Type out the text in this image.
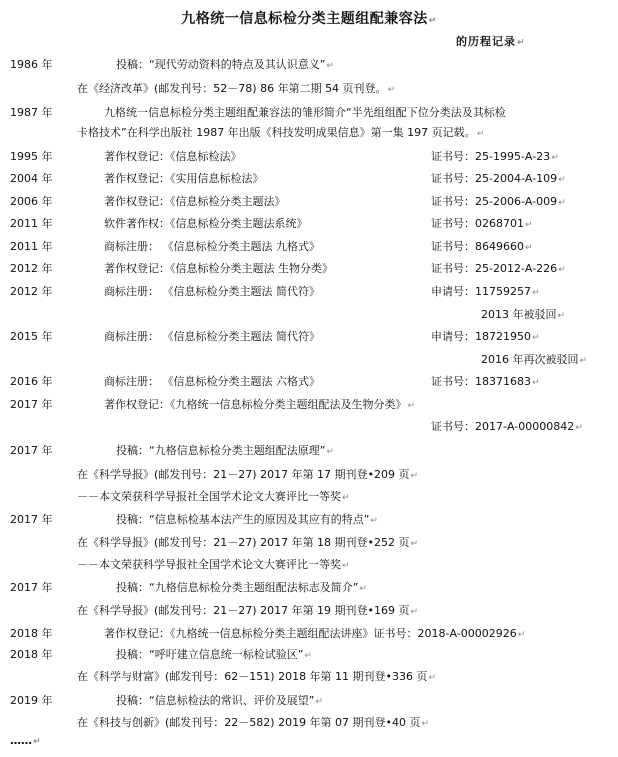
九格统一信息标检分类主题组配兼容法↵
的历程记录↵
1986 年	投稿：“现代劳动资料的特点及其认识意义”↵
在《经济改革》(邮发刊号：52－78) 86 年第二期 54 页刊登。↵
1987 年	九格统一信息标检分类主题组配兼容法的雏形简介“半先组组配下位分类法及其标检
卡格技术”在科学出版社 1987 年出版《科技发明成果信息》第一集 197 页记载。↵
1995 年	著作权登记：《信息标检法》	证书号：25-1995-A-23↵
2004 年	著作权登记：《实用信息标检法》	证书号：25-2004-A-109↵
2006 年	著作权登记：《信息标检分类主题法》	证书号：25-2006-A-009↵
2011 年	软件著作权：《信息标检分类主题法系统》	证书号：0268701↵
2011 年	商标注册： 《信息标检分类主题法 九格式》	证书号：8649660↵
2012 年	著作权登记：《信息标检分类主题法 生物分类》	证书号：25-2012-A-226↵
2012 年	商标注册： 《信息标检分类主题法 简代符》	申请号：11759257↵
2013 年被驳回↵
2015 年	商标注册： 《信息标检分类主题法 简代符》	申请号：18721950↵
2016 年再次被驳回↵
2016 年	商标注册： 《信息标检分类主题法 六格式》	证书号：18371683↵
2017 年	著作权登记：《九格统一信息标检分类主题组配法及生物分类》↵
证书号：2017-A-00000842↵
2017 年	投稿：“九格信息标检分类主题组配法原理”↵
在《科学导报》(邮发刊号：21－27) 2017 年第 17 期刊登•209 页↵
－－本文荣获科学导报社全国学术论文大赛评比一等奖↵
2017 年	投稿：“信息标检基本法产生的原因及其应有的特点”↵
在《科学导报》(邮发刊号：21－27) 2017 年第 18 期刊登•252 页↵
－－本文荣获科学导报社全国学术论文大赛评比一等奖↵
2017 年	投稿：“九格信息标检分类主题组配法标志及简介”↵
在《科学导报》(邮发刊号：21－27) 2017 年第 19 期刊登•169 页↵
2018 年	著作权登记：《九格统一信息标检分类主题组配法讲座》证书号：2018-A-00002926↵
2018 年	投稿：“呼吁建立信息统一标检试验区”↵
在《科学与财富》(邮发刊号：62－151) 2018 年第 11 期刊登•336 页↵
2019 年	投稿：“信息标检法的常识、评价及展望”↵
在《科技与创新》(邮发刊号：22－582) 2019 年第 07 期刊登•40 页↵
……↵
